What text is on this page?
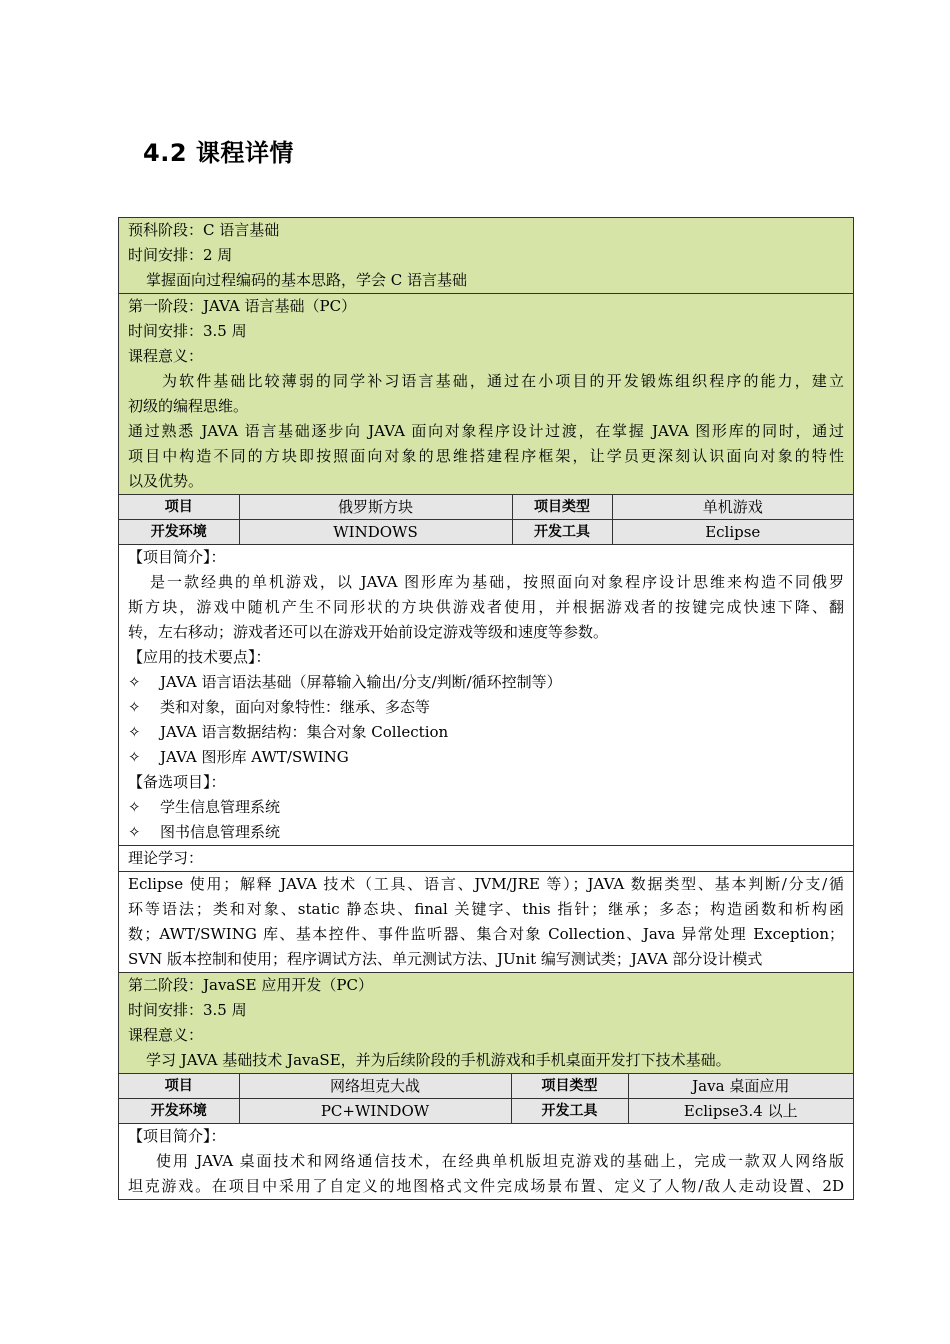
4.2 课程详情
预科阶段：C 语言基础
时间安排：2 周
掌握面向过程编码的基本思路，学会 C 语言基础
第一阶段：JAVA 语言基础（PC）
时间安排：3.5 周
课程意义：
为软件基础比较薄弱的同学补习语言基础，通过在小项目的开发锻炼组织程序的能力，建立
初级的编程思维。
通过熟悉 JAVA 语言基础逐步向 JAVA 面向对象程序设计过渡，在掌握 JAVA 图形库的同时，通过
项目中构造不同的方块即按照面向对象的思维搭建程序框架，让学员更深刻认识面向对象的特性
以及优势。
项目	俄罗斯方块	项目类型	单机游戏
开发环境	WINDOWS	开发工具	Eclipse
【项目简介】：
是一款经典的单机游戏，以 JAVA 图形库为基础，按照面向对象程序设计思维来构造不同俄罗
斯方块，游戏中随机产生不同形状的方块供游戏者使用，并根据游戏者的按键完成快速下降、翻
转，左右移动；游戏者还可以在游戏开始前设定游戏等级和速度等参数。
【应用的技术要点】：
✧ JAVA 语言语法基础（屏幕输入输出/分支/判断/循环控制等）
✧ 类和对象，面向对象特性：继承、多态等
✧ JAVA 语言数据结构：集合对象 Collection
✧ JAVA 图形库 AWT/SWING
【备选项目】：
✧ 学生信息管理系统
✧ 图书信息管理系统
理论学习：
Eclipse 使用；解释 JAVA 技术（工具、语言、JVM/JRE 等）；JAVA 数据类型、基本判断/分支/循
环等语法；类和对象、static 静态块、final 关键字、this 指针；继承；多态；构造函数和析构函
数；AWT/SWING 库、基本控件、事件监听器、集合对象 Collection、Java 异常处理 Exception；
SVN 版本控制和使用；程序调试方法、单元测试方法、JUnit 编写测试类；JAVA 部分设计模式
第二阶段：JavaSE 应用开发（PC）
时间安排：3.5 周
课程意义：
学习 JAVA 基础技术 JavaSE，并为后续阶段的手机游戏和手机桌面开发打下技术基础。
项目	网络坦克大战	项目类型	Java 桌面应用
开发环境	PC+WINDOW	开发工具	Eclipse3.4 以上
【项目简介】：
使用 JAVA 桌面技术和网络通信技术，在经典单机版坦克游戏的基础上，完成一款双人网络版
坦克游戏。在项目中采用了自定义的地图格式文件完成场景布置、定义了人物/敌人走动设置、2D
